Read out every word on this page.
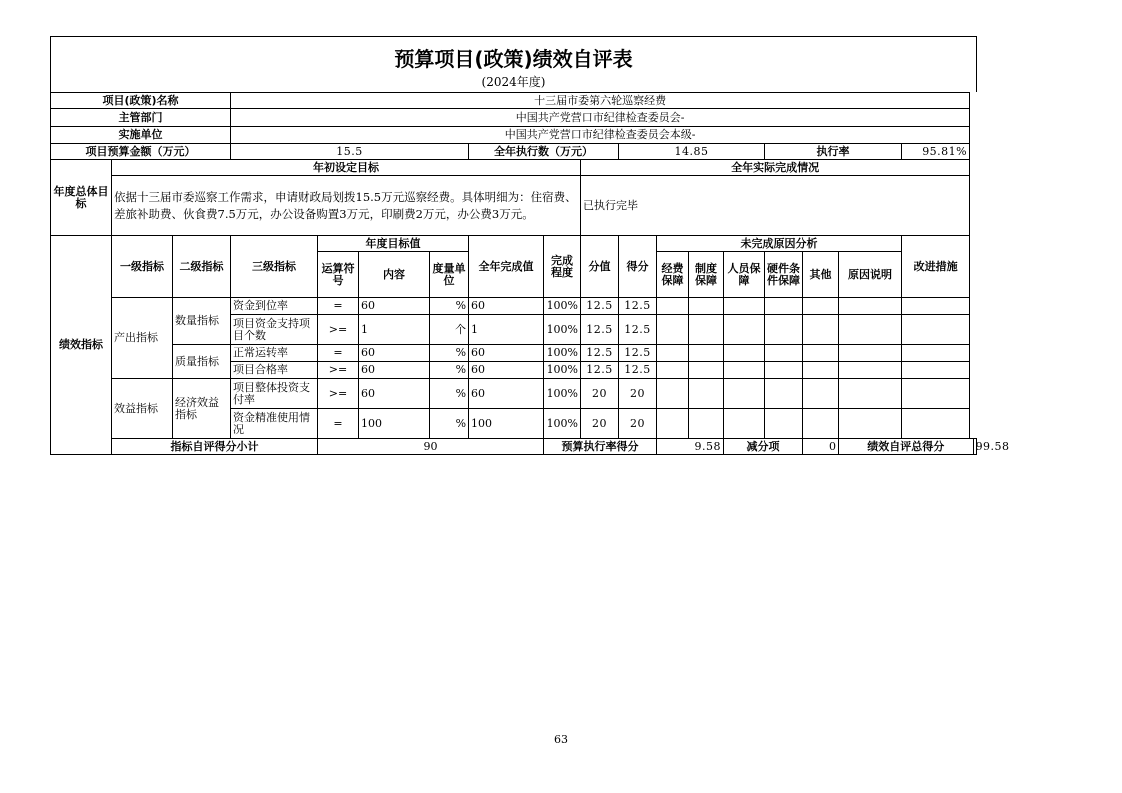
预算项目(政策)绩效自评表
(2024年度)
项目(政策)名称			十三届市委第六轮巡察经费															
主管部门			中国共产党营口市纪律检查委员会-															
实施单位			中国共产党营口市纪律检查委员会本级-															
项目预算金额（万元）			15.5				全年执行数（万元）			14.85				执行率			95.81%	
年度总体目标	年初设定目标								全年实际完成情况									
	依据十三届市委巡察工作需求，申请财政局划拨15.5万元巡察经费。具体明细为：住宿费、差旅补助费、伙食费7.5万元，办公设备购置3万元，印刷费2万元，办公费3万元。								已执行完毕									
绩效指标	一级指标	二级指标	三级指标	年度目标值			全年完成值	完成程度	分值	得分	未完成原因分析						改进措施	
				运算符号	内容	度量单位					经费保障	制度保障	人员保障	硬件条件保障	其他	原因说明		
	产出指标	数量指标	资金到位率	=	60	%	60	100%	12.5	12.5								
			项目资金支持项目个数	>=	1	个	1	100%	12.5	12.5								
		质量指标	正常运转率	=	60	%	60	100%	12.5	12.5								
			项目合格率	>=	60	%	60	100%	12.5	12.5								
	效益指标	经济效益指标	项目整体投资支付率	>=	60	%	60	100%	20	20								
			资金精准使用情况	=	100	%	100	100%	20	20								
	指标自评得分小计			90				预算执行率得分			9.58		减分项		0	绩效自评总得分		99.58
63
